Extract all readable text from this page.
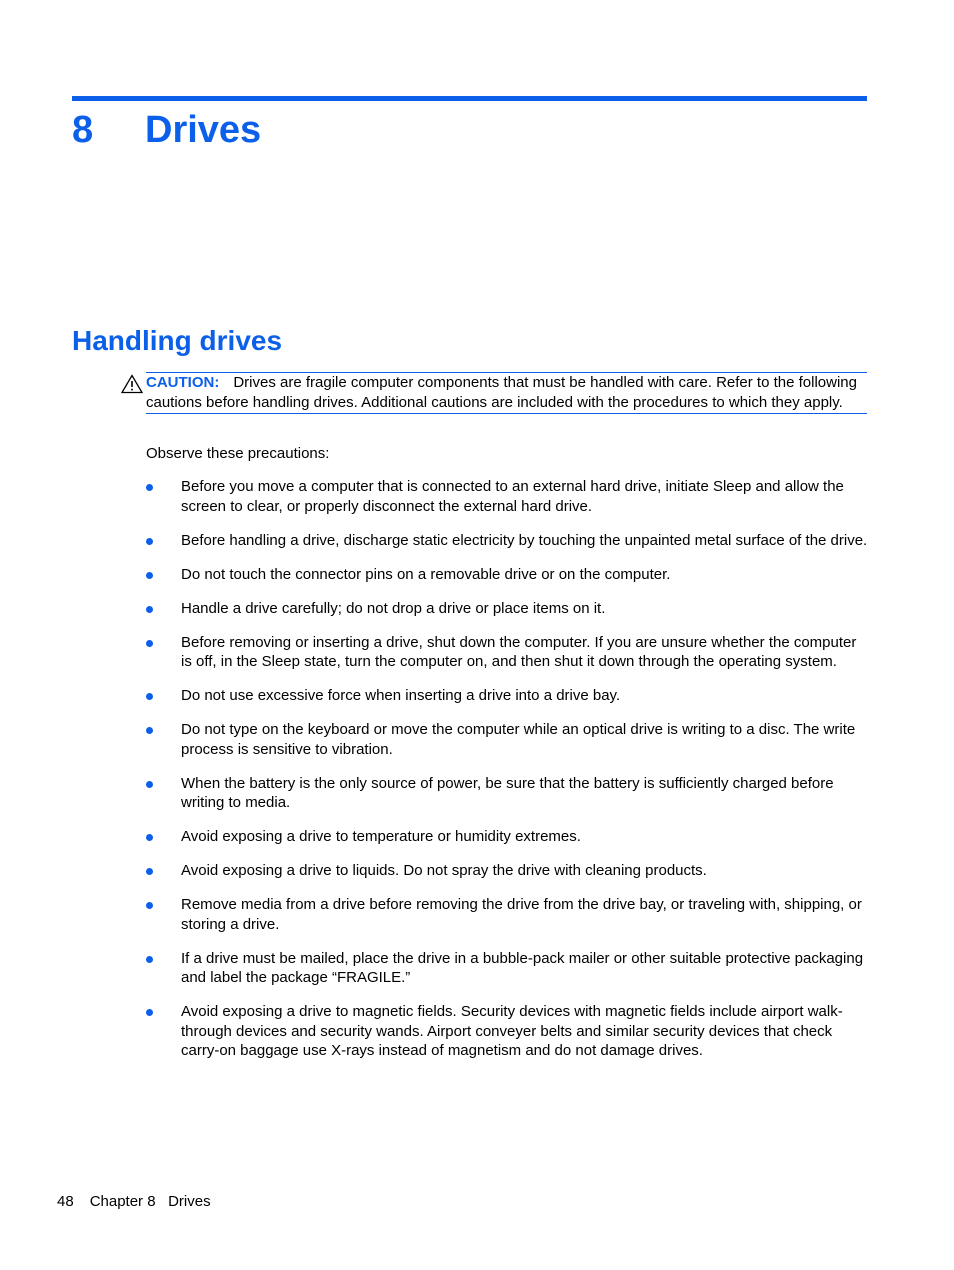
8 Drives
Handling drives
CAUTION: Drives are fragile computer components that must be handled with care. Refer to the following cautions before handling drives. Additional cautions are included with the procedures to which they apply.

Observe these precautions:

Before you move a computer that is connected to an external hard drive, initiate Sleep and allow the screen to clear, or properly disconnect the external hard drive.
Before handling a drive, discharge static electricity by touching the unpainted metal surface of the drive.
Do not touch the connector pins on a removable drive or on the computer.
Handle a drive carefully; do not drop a drive or place items on it.
Before removing or inserting a drive, shut down the computer. If you are unsure whether the computer is off, in the Sleep state, turn the computer on, and then shut it down through the operating system.
Do not use excessive force when inserting a drive into a drive bay.
Do not type on the keyboard or move the computer while an optical drive is writing to a disc. The write process is sensitive to vibration.
When the battery is the only source of power, be sure that the battery is sufficiently charged before writing to media.
Avoid exposing a drive to temperature or humidity extremes.
Avoid exposing a drive to liquids. Do not spray the drive with cleaning products.
Remove media from a drive before removing the drive from the drive bay, or traveling with, shipping, or storing a drive.
If a drive must be mailed, place the drive in a bubble-pack mailer or other suitable protective packaging and label the package “FRAGILE.”
Avoid exposing a drive to magnetic fields. Security devices with magnetic fields include airport walk-through devices and security wands. Airport conveyer belts and similar security devices that check carry-on baggage use X-rays instead of magnetism and do not damage drives.
48 Chapter 8   Drives
